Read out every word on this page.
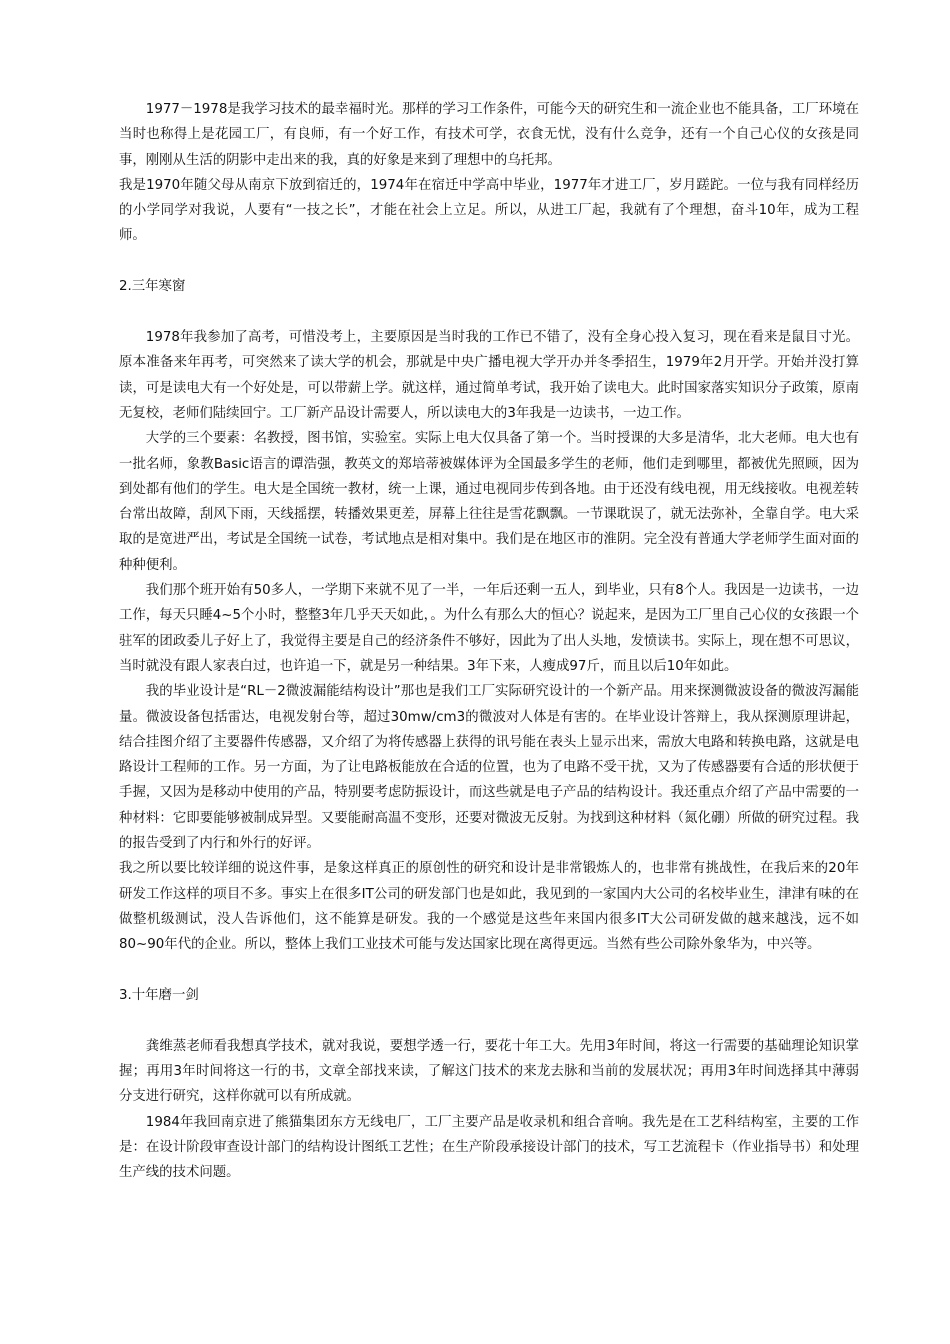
1977－1978是我学习技术的最幸福时光。那样的学习工作条件，可能今天的研究生和一流企业也不能具备，工厂环境在当时也称得上是花园工厂，有良师，有一个好工作，有技术可学，衣食无忧，没有什么竞争，还有一个自己心仪的女孩是同事，刚刚从生活的阴影中走出来的我，真的好象是来到了理想中的乌托邦。

我是1970年随父母从南京下放到宿迁的，1974年在宿迁中学高中毕业，1977年才进工厂，岁月蹉跎。一位与我有同样经历的小学同学对我说，人要有“一技之长”，才能在社会上立足。所以，从进工厂起，我就有了个理想，奋斗10年，成为工程师。

2.三年寒窗

1978年我参加了高考，可惜没考上，主要原因是当时我的工作已不错了，没有全身心投入复习，现在看来是鼠目寸光。原本准备来年再考，可突然来了读大学的机会，那就是中央广播电视大学开办并冬季招生，1979年2月开学。开始并没打算读，可是读电大有一个好处是，可以带薪上学。就这样，通过简单考试，我开始了读电大。此时国家落实知识分子政策，原南无复校，老师们陆续回宁。工厂新产品设计需要人，所以读电大的3年我是一边读书，一边工作。

大学的三个要素：名教授，图书馆，实验室。实际上电大仅具备了第一个。当时授课的大多是清华，北大老师。电大也有一批名师，象教Basic语言的谭浩强，教英文的郑培蒂被媒体评为全国最多学生的老师，他们走到哪里，都被优先照顾，因为到处都有他们的学生。电大是全国统一教材，统一上课，通过电视同步传到各地。由于还没有线电视，用无线接收。电视差转台常出故障，刮风下雨，天线摇摆，转播效果更差，屏幕上往往是雪花飘飘。一节课耽误了，就无法弥补，全靠自学。电大采取的是宽进严出，考试是全国统一试卷，考试地点是相对集中。我们是在地区市的淮阴。完全没有普通大学老师学生面对面的种种便利。

我们那个班开始有50多人，一学期下来就不见了一半，一年后还剩一五人，到毕业，只有8个人。我因是一边读书，一边工作，每天只睡4~5个小时，整整3年几乎天天如此，。为什么有那么大的恒心？说起来，是因为工厂里自己心仪的女孩跟一个驻军的团政委儿子好上了，我觉得主要是自己的经济条件不够好，因此为了出人头地，发愤读书。实际上，现在想不可思议，当时就没有跟人家表白过，也许追一下，就是另一种结果。3年下来，人瘦成97斤，而且以后10年如此。

我的毕业设计是“RL－2微波漏能结构设计”那也是我们工厂实际研究设计的一个新产品。用来探测微波设备的微波泻漏能量。微波设备包括雷达，电视发射台等，超过30mw/cm3的微波对人体是有害的。在毕业设计答辩上，我从探测原理讲起，结合挂图介绍了主要器件传感器，又介绍了为将传感器上获得的讯号能在表头上显示出来，需放大电路和转换电路，这就是电路设计工程师的工作。另一方面，为了让电路板能放在合适的位置，也为了电路不受干扰，又为了传感器要有合适的形状便于手握，又因为是移动中使用的产品，特别要考虑防振设计，而这些就是电子产品的结构设计。我还重点介绍了产品中需要的一种材料：它即要能够被制成异型。又要能耐高温不变形，还要对微波无反射。为找到这种材料（氮化硼）所做的研究过程。我的报告受到了内行和外行的好评。

我之所以要比较详细的说这件事，是象这样真正的原创性的研究和设计是非常锻炼人的，也非常有挑战性，在我后来的20年研发工作这样的项目不多。事实上在很多IT公司的研发部门也是如此，我见到的一家国内大公司的名校毕业生，津津有味的在做整机级测试，没人告诉他们，这不能算是研发。我的一个感觉是这些年来国内很多IT大公司研发做的越来越浅，远不如80~90年代的企业。所以，整体上我们工业技术可能与发达国家比现在离得更远。当然有些公司除外象华为，中兴等。

3.十年磨一剑

龚维蒸老师看我想真学技术，就对我说，要想学透一行，要花十年工大。先用3年时间，将这一行需要的基础理论知识掌握；再用3年时间将这一行的书，文章全部找来读，了解这门技术的来龙去脉和当前的发展状况；再用3年时间选择其中薄弱分支进行研究，这样你就可以有所成就。

1984年我回南京进了熊猫集团东方无线电厂，工厂主要产品是收录机和组合音响。我先是在工艺科结构室，主要的工作是：在设计阶段审查设计部门的结构设计图纸工艺性；在生产阶段承接设计部门的技术，写工艺流程卡（作业指导书）和处理生产线的技术问题。
